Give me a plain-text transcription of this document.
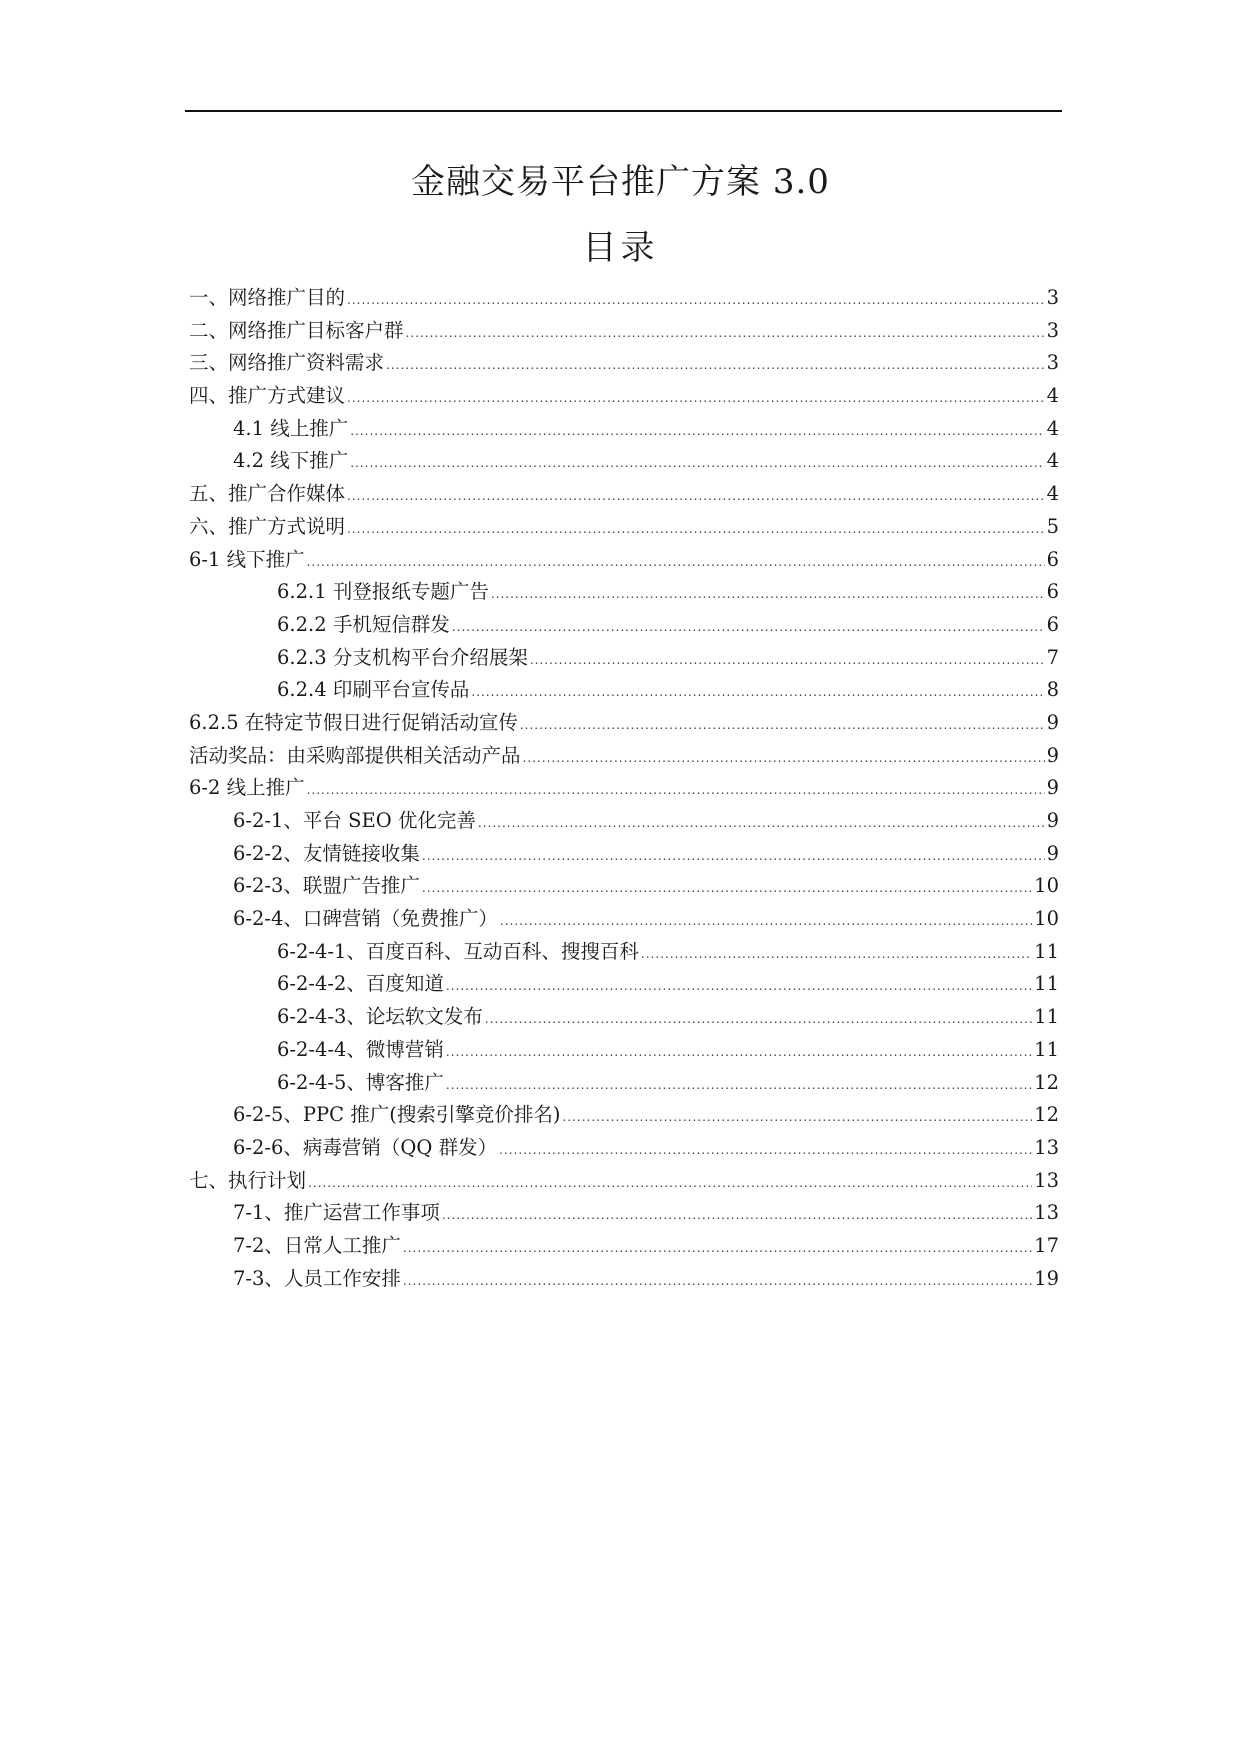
金融交易平台推广方案 3.0
目录
一、网络推广目的 .....	3
二、网络推广目标客户群 .....	3
三、网络推广资料需求 .....	3
四、推广方式建议 .....	4
4.1 线上推广 .....	4
4.2 线下推广 .....	4
五、推广合作媒体 .....	4
六、推广方式说明 .....	5
6-1 线下推广 .....	6
6.2.1 刊登报纸专题广告 .....	6
6.2.2 手机短信群发 .....	6
6.2.3 分支机构平台介绍展架 .....	7
6.2.4 印刷平台宣传品 .....	8
6.2.5 在特定节假日进行促销活动宣传 .....	9
活动奖品：由采购部提供相关活动产品 .....	9
6-2 线上推广 .....	9
6-2-1、平台 SEO 优化完善 .....	9
6-2-2、友情链接收集 .....	9
6-2-3、联盟广告推广 .....	10
6-2-4、口碑营销（免费推广） .....	10
6-2-4-1、百度百科、互动百科、搜搜百科 .....	11
6-2-4-2、百度知道 .....	11
6-2-4-3、论坛软文发布 .....	11
6-2-4-4、微博营销 .....	11
6-2-4-5、博客推广 .....	12
6-2-5、PPC 推广(搜索引擎竞价排名) .....	12
6-2-6、病毒营销（QQ 群发） .....	13
七、执行计划 .....	13
7-1、推广运营工作事项 .....	13
7-2、日常人工推广 .....	17
7-3、人员工作安排 .....	19
